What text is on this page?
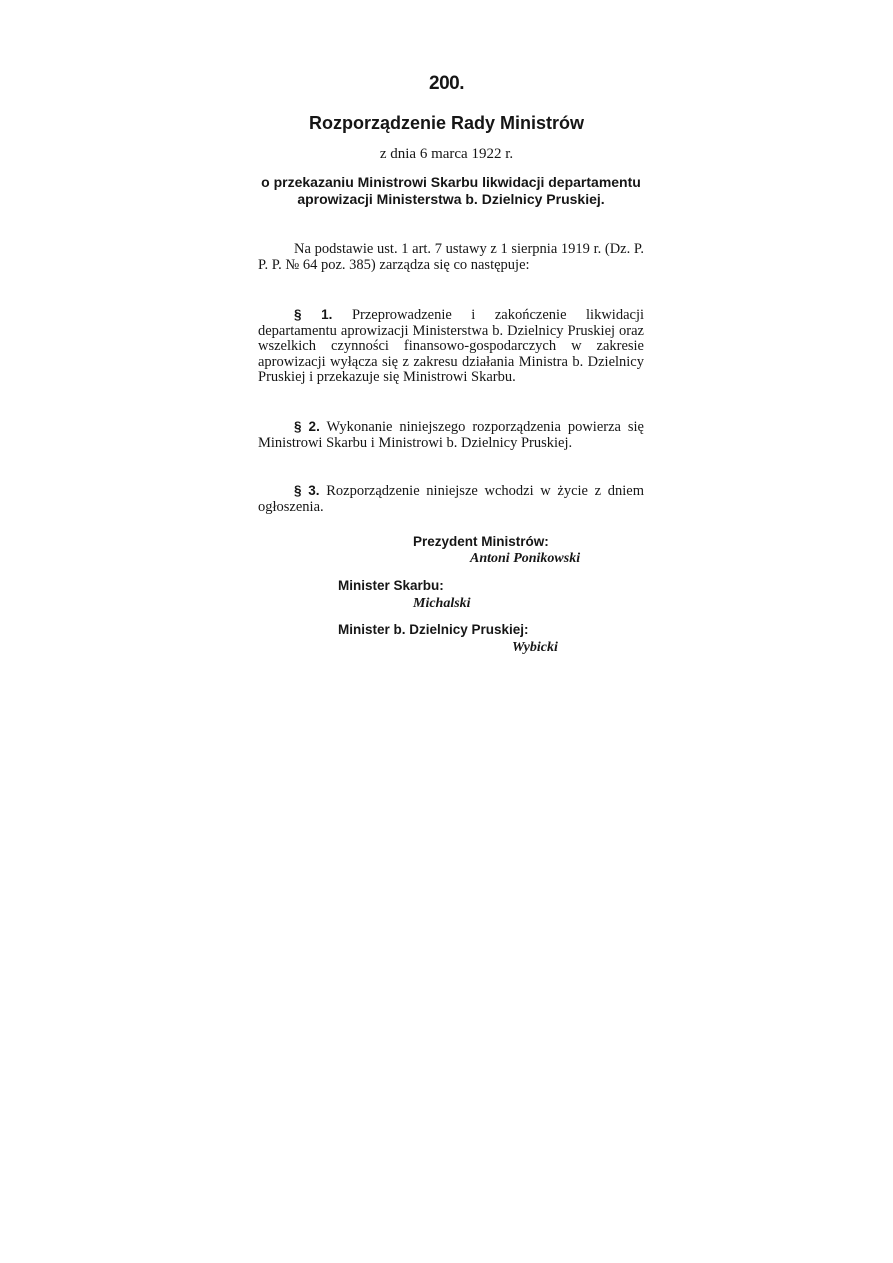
200.
Rozporządzenie Rady Ministrów
z dnia 6 marca 1922 r.
o przekazaniu Ministrowi Skarbu likwidacji departamentu aprowizacji Ministerstwa b. Dzielnicy Pruskiej.

Na podstawie ust. 1 art. 7 ustawy z 1 sierpnia 1919 r. (Dz. P. P. P. № 64 poz. 385) zarządza się co następuje:

§ 1. Przeprowadzenie i zakończenie likwidacji departamentu aprowizacji Ministerstwa b. Dzielnicy Pruskiej oraz wszelkich czynności finansowo-gospodarczych w zakresie aprowizacji wyłącza się z zakresu działania Ministra b. Dzielnicy Pruskiej i przekazuje się Ministrowi Skarbu.

§ 2. Wykonanie niniejszego rozporządzenia powierza się Ministrowi Skarbu i Ministrowi b. Dzielnicy Pruskiej.

§ 3. Rozporządzenie niniejsze wchodzi w życie z dniem ogłoszenia.

Prezydent Ministrów:
Antoni Ponikowski
Minister Skarbu:
Michalski
Minister b. Dzielnicy Pruskiej:
Wybicki
